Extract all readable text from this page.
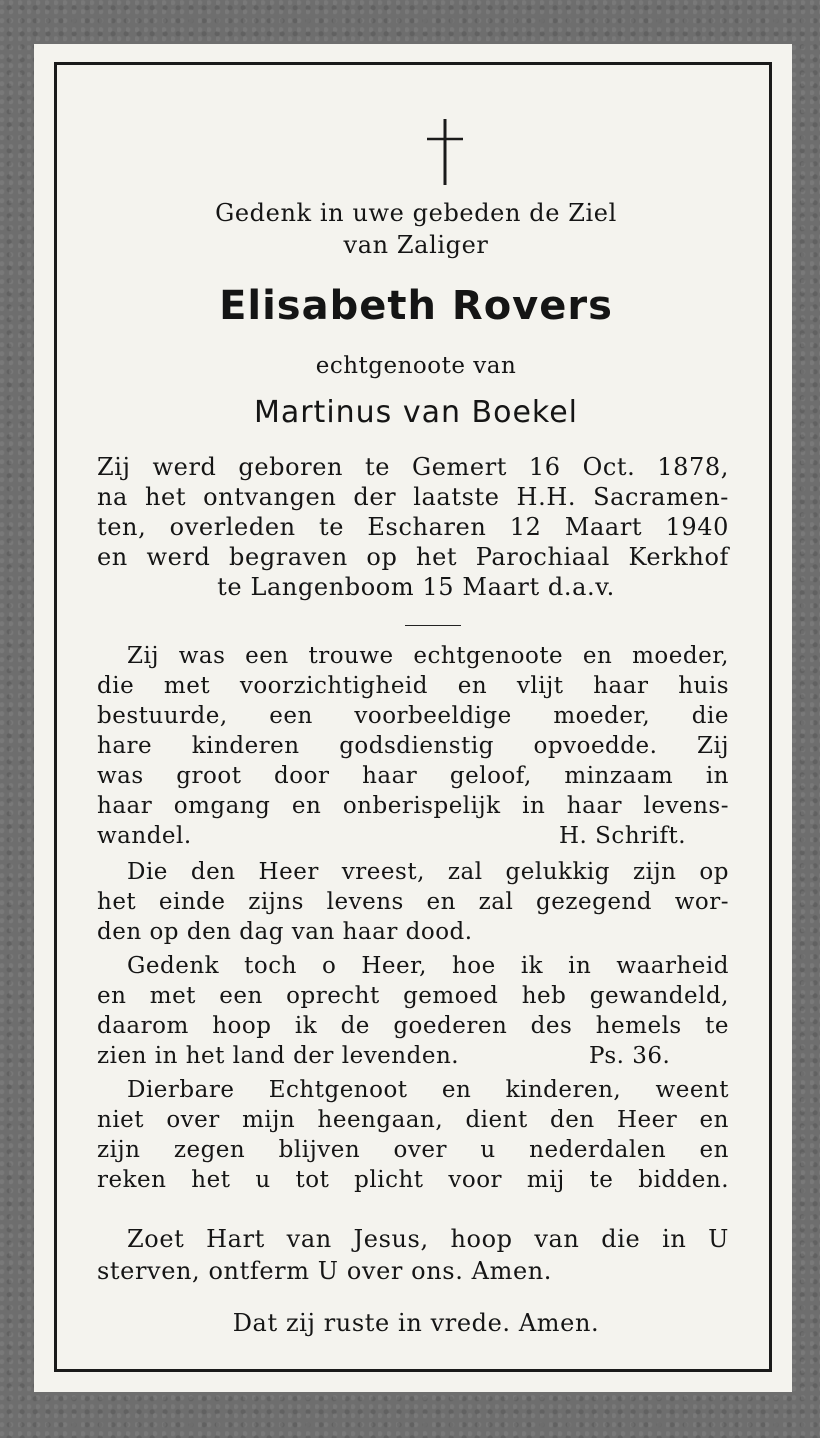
Gedenk in uwe gebeden de Ziel
van Zaliger
Elisabeth Rovers
echtgenoote van
Martinus van Boekel
Zij werd geboren te Gemert 16 Oct. 1878,
na het ontvangen der laatste H.H. Sacramen-
ten, overleden te Escharen 12 Maart 1940
en werd begraven op het Parochiaal Kerkhof
te Langenboom 15 Maart d.a.v.
Zij was een trouwe echtgenoote en moeder,
die met voorzichtigheid en vlijt haar huis
bestuurde, een voorbeeldige moeder, die
hare kinderen godsdienstig opvoedde. Zij
was groot door haar geloof, minzaam in
haar omgang en onberispelijk in haar levens-
wandel.	H. Schrift.
Die den Heer vreest, zal gelukkig zijn op
het einde zijns levens en zal gezegend wor-
den op den dag van haar dood.
Gedenk toch o Heer, hoe ik in waarheid
en met een oprecht gemoed heb gewandeld,
daarom hoop ik de goederen des hemels te
zien in het land der levenden.	Ps. 36.
Dierbare Echtgenoot en kinderen, weent
niet over mijn heengaan, dient den Heer en
zijn zegen blijven over u nederdalen en
reken het u tot plicht voor mij te bidden.
Zoet Hart van Jesus, hoop van die in U
sterven, ontferm U over ons. Amen.
Dat zij ruste in vrede. Amen.
